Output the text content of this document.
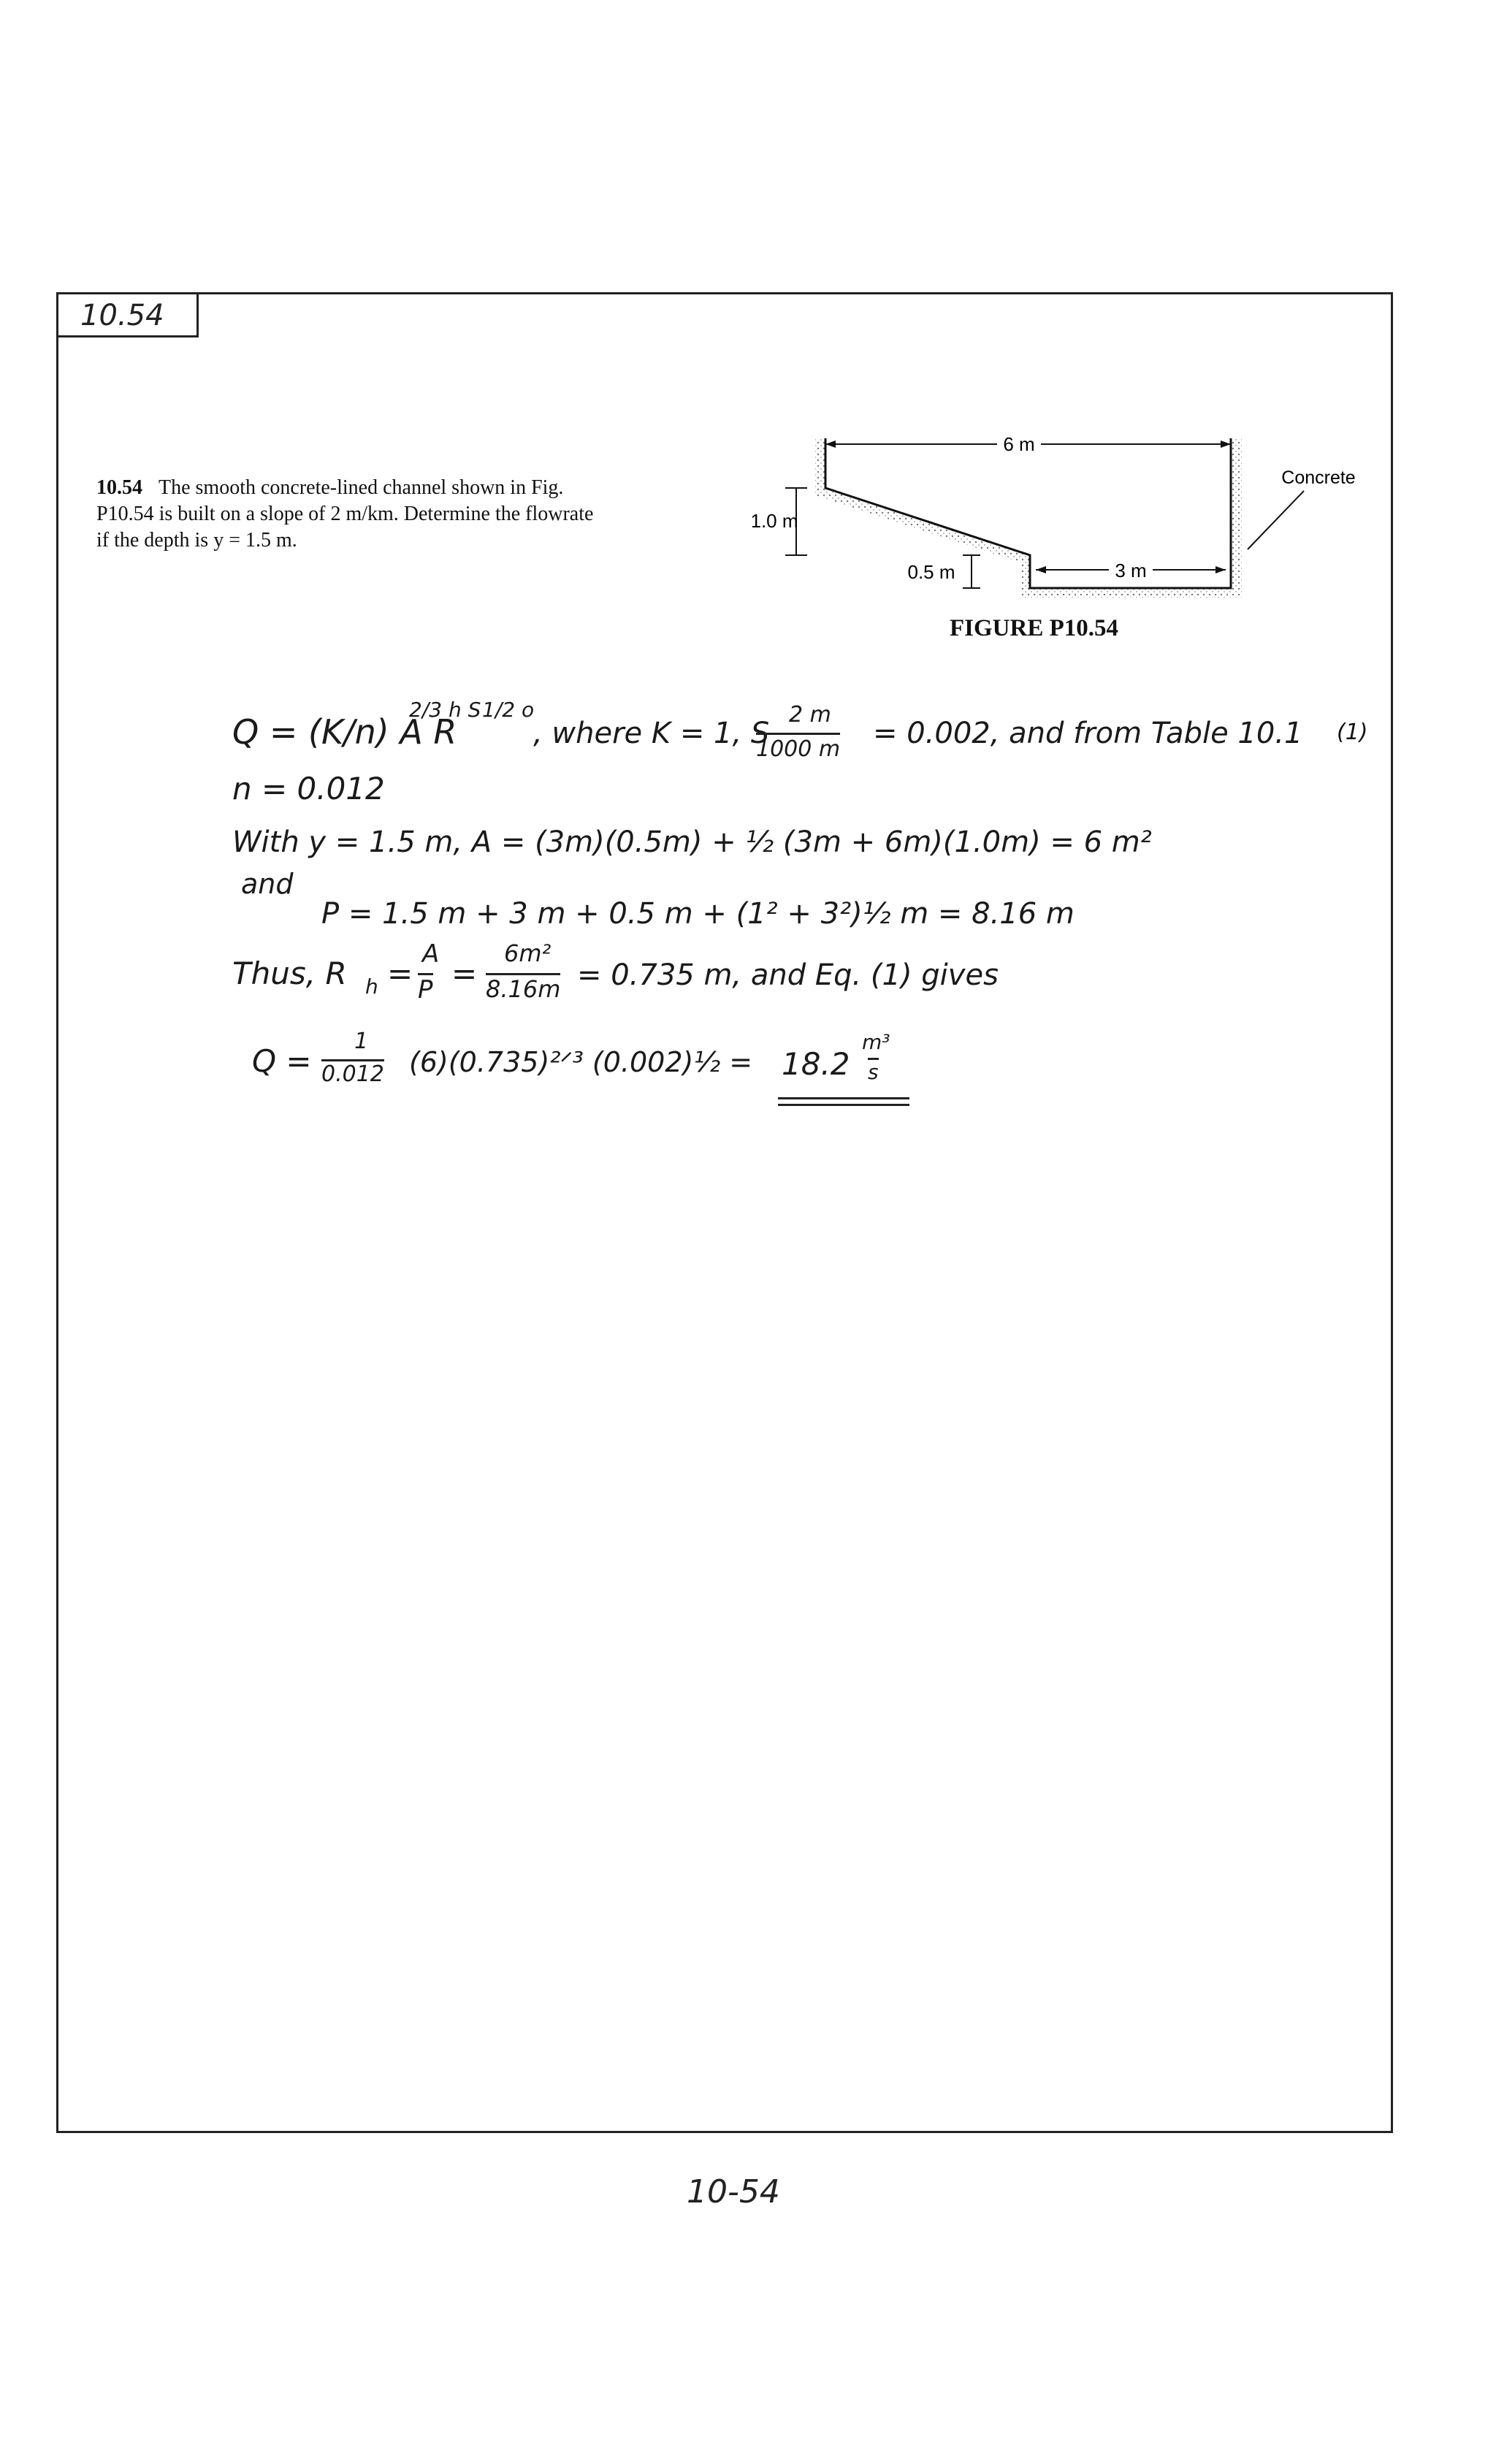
10.54
10.54 The smooth concrete-lined channel shown in Fig.
P10.54 is built on a slope of 2 m/km. Determine the flowrate
if the depth is y = 1.5 m.
6 m
1.0 m
0.5 m	3 m
Concrete
FIGURE P10.54
Q = (K/n) A R
2/3 h S 1/2 o
, where K = 1, S
2 m
1000 m = 0.002, and from Table 10.1 (1)
n = 0.012
With y = 1.5 m, A = (3m)(0.5m) + ½ (3m + 6m)(1.0m) = 6 m²
and
P = 1.5 m + 3 m + 0.5 m + (1² + 3²)½ m = 8.16 m
Thus, R h =
A
P =
6m²
8.16m = 0.735 m, and Eq. (1) gives
Q =
1
0.012 (6)(0.735)²ᐟ³ (0.002)½ = 18.2
m³
s
10-54
